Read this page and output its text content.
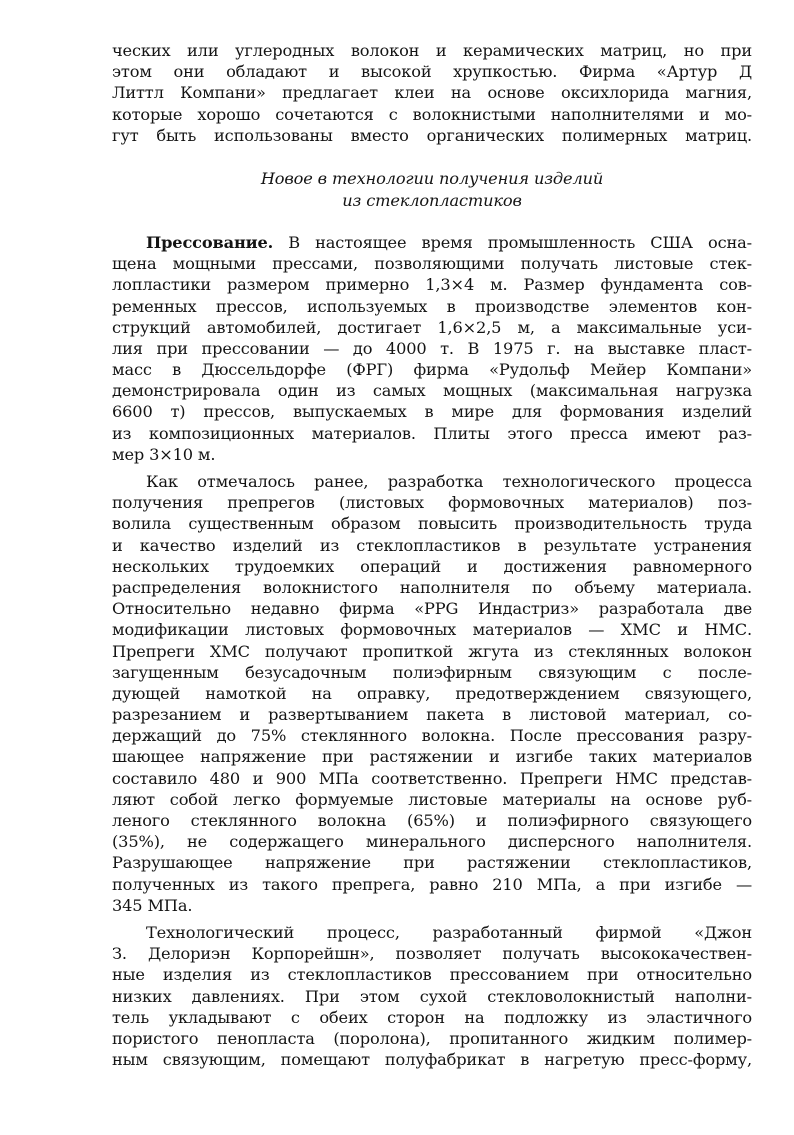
ческих или углеродных волокон и керамических матриц, но при
этом они обладают и высокой хрупкостью. Фирма «Артур Д
Литтл Компани» предлагает клеи на основе оксихлорида магния,
которые хорошо сочетаются с волокнистыми наполнителями и мо-
гут быть использованы вместо органических полимерных матриц.
Новое в технологии получения изделий
из стеклопластиков
Прессование. В настоящее время промышленность США осна-
щена мощными прессами, позволяющими получать листовые стек-
лопластики размером примерно 1,3×4 м. Размер фундамента сов-
ременных прессов, используемых в производстве элементов кон-
струкций автомобилей, достигает 1,6×2,5 м, а максимальные уси-
лия при прессовании — до 4000 т. В 1975 г. на выставке пласт-
масс в Дюссельдорфе (ФРГ) фирма «Рудольф Мейер Компани»
демонстрировала один из самых мощных (максимальная нагрузка
6600 т) прессов, выпускаемых в мире для формования изделий
из композиционных материалов. Плиты этого пресса имеют раз-
мер 3×10 м.
Как отмечалось ранее, разработка технологического процесса
получения препрегов (листовых формовочных материалов) поз-
волила существенным образом повысить производительность труда
и качество изделий из стеклопластиков в результате устранения
нескольких трудоемких операций и достижения равномерного
распределения волокнистого наполнителя по объему материала.
Относительно недавно фирма «PPG Индастриз» разработала две
модификации листовых формовочных материалов — ХМС и НМС.
Препреги ХМС получают пропиткой жгута из стеклянных волокон
загущенным безусадочным полиэфирным связующим с после-
дующей намоткой на оправку, предотверждением связующего,
разрезанием и развертыванием пакета в листовой материал, со-
держащий до 75% стеклянного волокна. После прессования разру-
шающее напряжение при растяжении и изгибе таких материалов
составило 480 и 900 МПа соответственно. Препреги НМС представ-
ляют собой легко формуемые листовые материалы на основе руб-
леного стеклянного волокна (65%) и полиэфирного связующего
(35%), не содержащего минерального дисперсного наполнителя.
Разрушающее напряжение при растяжении стеклопластиков,
полученных из такого препрега, равно 210 МПа, а при изгибе —
345 МПа.
Технологический процесс, разработанный фирмой «Джон
З. Делориэн Корпорейшн», позволяет получать высококачествен-
ные изделия из стеклопластиков прессованием при относительно
низких давлениях. При этом сухой стекловолокнистый наполни-
тель укладывают с обеих сторон на подложку из эластичного
пористого пенопласта (поролона), пропитанного жидким полимер-
ным связующим, помещают полуфабрикат в нагретую пресс-форму,
